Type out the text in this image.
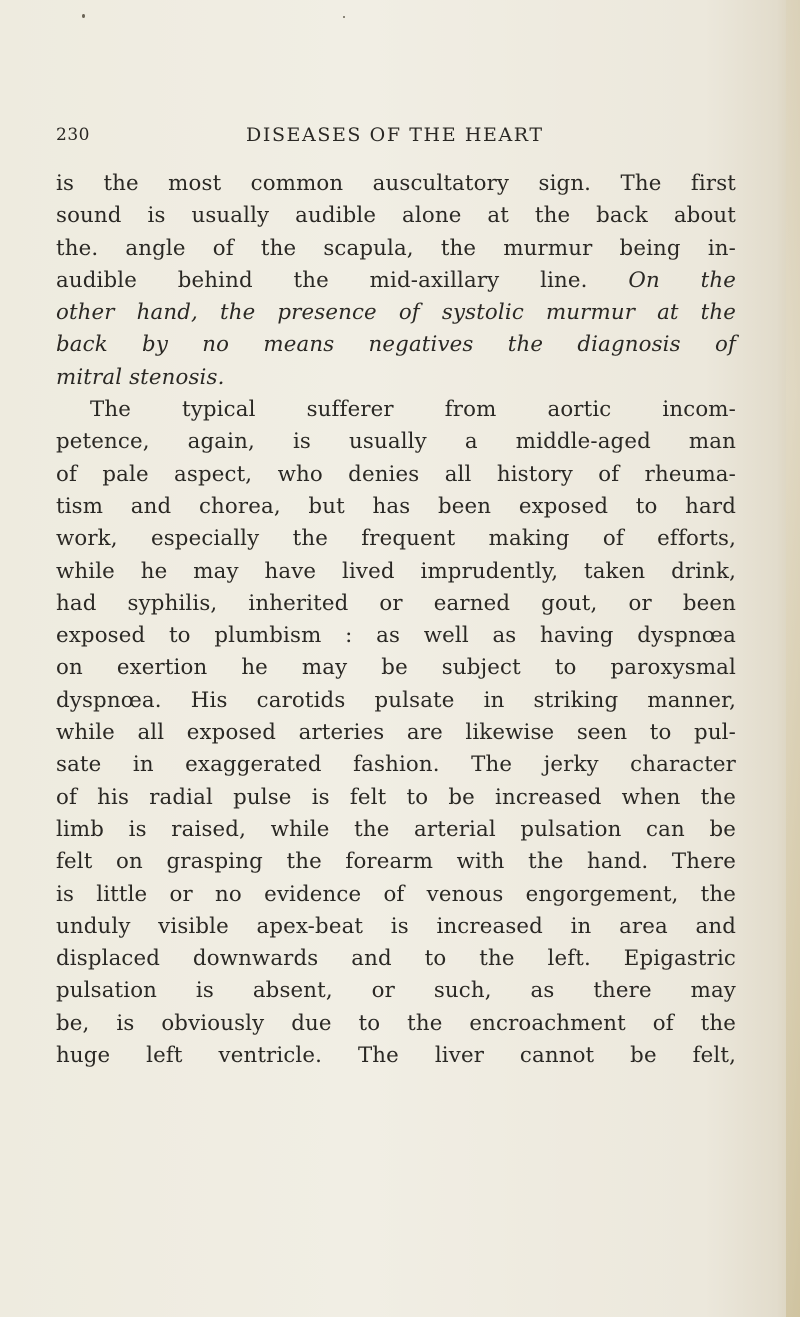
230	DISEASES OF THE HEART
is the most common auscultatory sign. The first
sound is usually audible alone at the back about
the. angle of the scapula, the murmur being in-
audible behind the mid-axillary line. On the
other hand, the presence of systolic murmur at the
back by no means negatives the diagnosis of
mitral stenosis.
The typical sufferer from aortic incom-
petence, again, is usually a middle-aged man
of pale aspect, who denies all history of rheuma-
tism and chorea, but has been exposed to hard
work, especially the frequent making of efforts,
while he may have lived imprudently, taken drink,
had syphilis, inherited or earned gout, or been
exposed to plumbism : as well as having dyspnœa
on exertion he may be subject to paroxysmal
dyspnœa. His carotids pulsate in striking manner,
while all exposed arteries are likewise seen to pul-
sate in exaggerated fashion. The jerky character
of his radial pulse is felt to be increased when the
limb is raised, while the arterial pulsation can be
felt on grasping the forearm with the hand. There
is little or no evidence of venous engorgement, the
unduly visible apex-beat is increased in area and
displaced downwards and to the left. Epigastric
pulsation is absent, or such, as there may
be, is obviously due to the encroachment of the
huge left ventricle. The liver cannot be felt,
